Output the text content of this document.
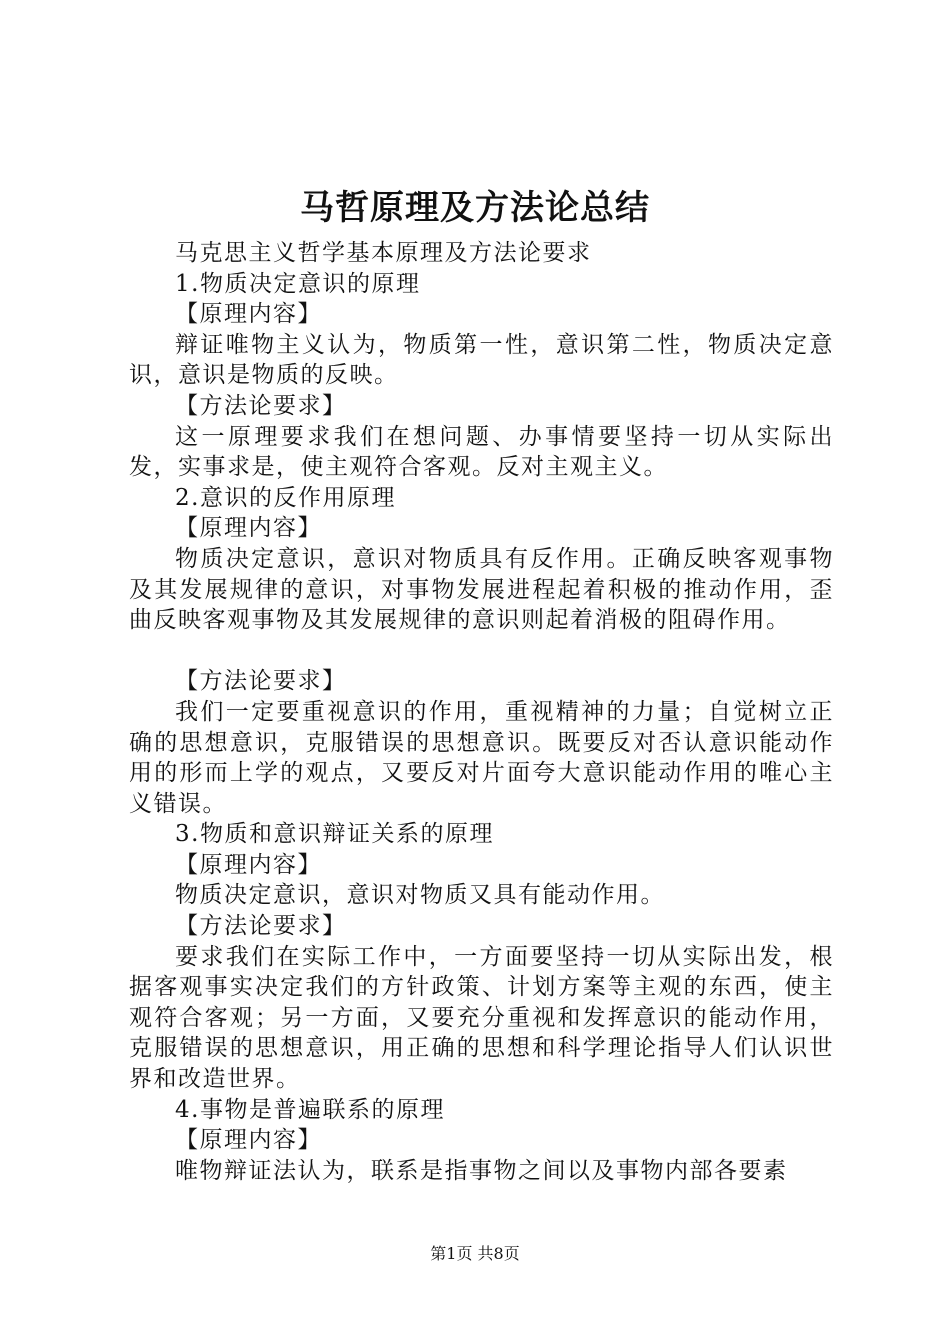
马哲原理及方法论总结

马克思主义哲学基本原理及方法论要求

1.物质决定意识的原理

【原理内容】

辩证唯物主义认为，物质第一性，意识第二性，物质决定意识，意识是物质的反映。

【方法论要求】

这一原理要求我们在想问题、办事情要坚持一切从实际出发，实事求是，使主观符合客观。反对主观主义。

2.意识的反作用原理

【原理内容】

物质决定意识，意识对物质具有反作用。正确反映客观事物及其发展规律的意识，对事物发展进程起着积极的推动作用，歪曲反映客观事物及其发展规律的意识则起着消极的阻碍作用。

【方法论要求】

我们一定要重视意识的作用，重视精神的力量；自觉树立正确的思想意识，克服错误的思想意识。既要反对否认意识能动作用的形而上学的观点，又要反对片面夸大意识能动作用的唯心主义错误。

3.物质和意识辩证关系的原理

【原理内容】

物质决定意识，意识对物质又具有能动作用。

【方法论要求】

要求我们在实际工作中，一方面要坚持一切从实际出发，根据客观事实决定我们的方针政策、计划方案等主观的东西，使主观符合客观；另一方面，又要充分重视和发挥意识的能动作用，克服错误的思想意识，用正确的思想和科学理论指导人们认识世界和改造世界。

4.事物是普遍联系的原理

【原理内容】

唯物辩证法认为，联系是指事物之间以及事物内部各要素

第1页 共8页
